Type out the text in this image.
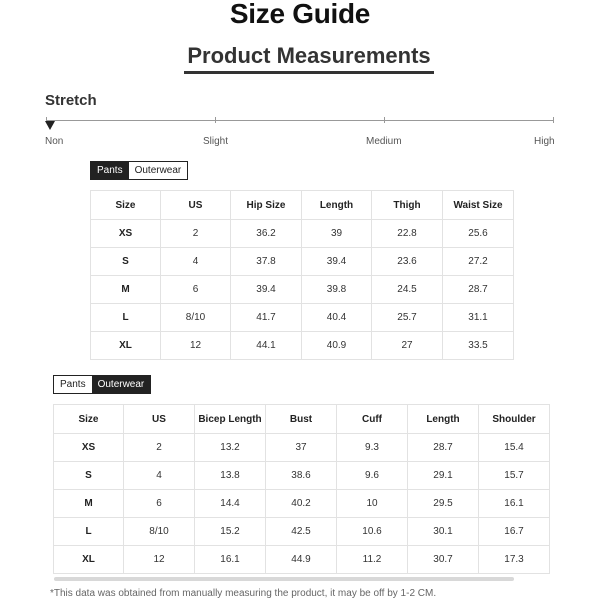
Size Guide
Product Measurements
Stretch
Non	Slight	Medium	High
Pants	Outerwear
Size	US	Hip Size	Length	Thigh	Waist Size
XS	2	36.2	39	22.8	25.6
S	4	37.8	39.4	23.6	27.2
M	6	39.4	39.8	24.5	28.7
L	8/10	41.7	40.4	25.7	31.1
XL	12	44.1	40.9	27	33.5
Pants	Outerwear
Size	US	Bicep Length	Bust	Cuff	Length	Shoulder
XS	2	13.2	37	9.3	28.7	15.4
S	4	13.8	38.6	9.6	29.1	15.7
M	6	14.4	40.2	10	29.5	16.1
L	8/10	15.2	42.5	10.6	30.1	16.7
XL	12	16.1	44.9	11.2	30.7	17.3
*This data was obtained from manually measuring the product, it may be off by 1-2 CM.
